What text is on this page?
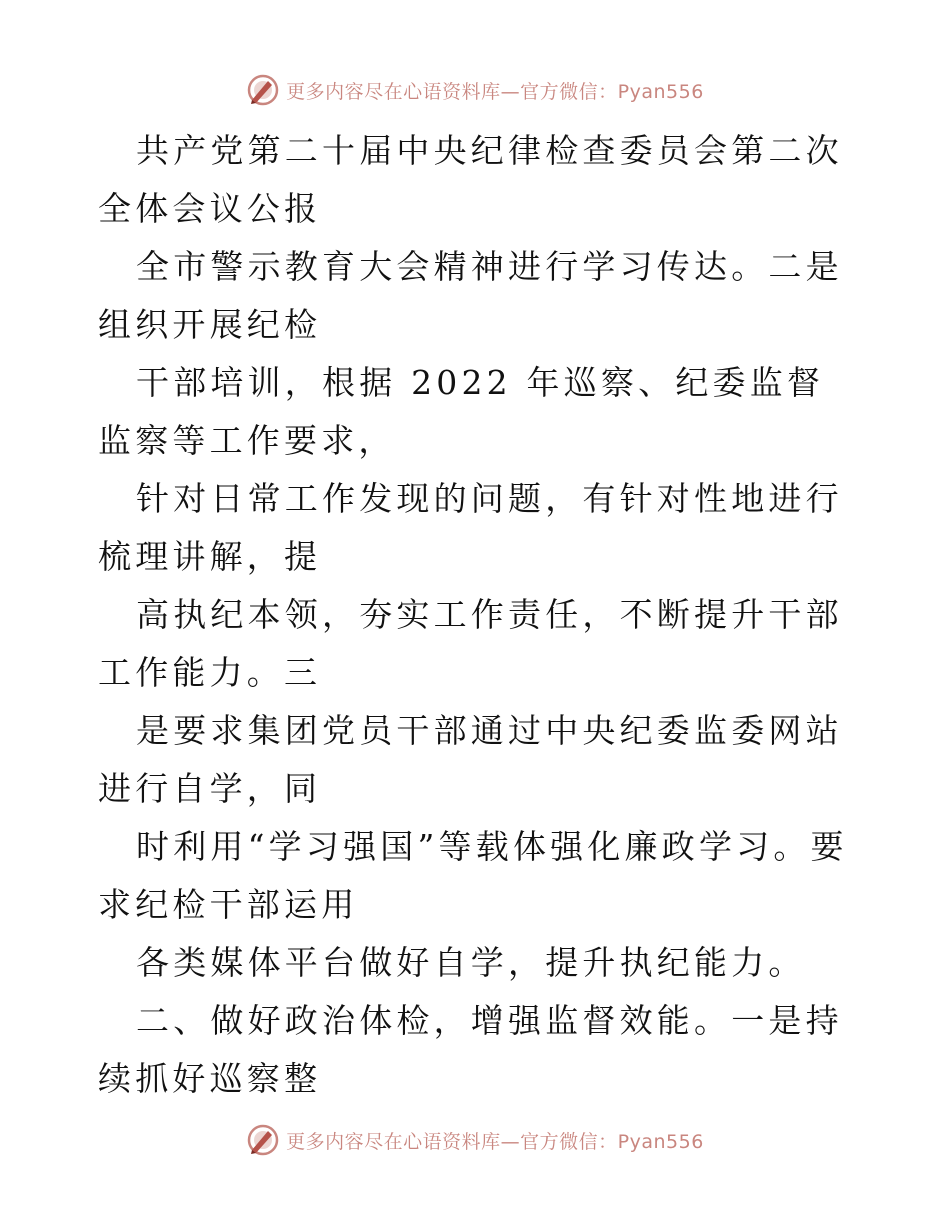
更多内容尽在心语资料库—官方微信：Pyan556

共产党第二十届中央纪律检查委员会第二次全体会议公报

全市警示教育大会精神进行学习传达。二是组织开展纪检

干部培训，根据 2022 年巡察、纪委监督监察等工作要求，

针对日常工作发现的问题，有针对性地进行梳理讲解，提

高执纪本领，夯实工作责任，不断提升干部工作能力。三

是要求集团党员干部通过中央纪委监委网站进行自学，同

时利用“学习强国”等载体强化廉政学习。要求纪检干部运用

各类媒体平台做好自学，提升执纪能力。

二、做好政治体检，增强监督效能。一是持续抓好巡察整

更多内容尽在心语资料库—官方微信：Pyan556
